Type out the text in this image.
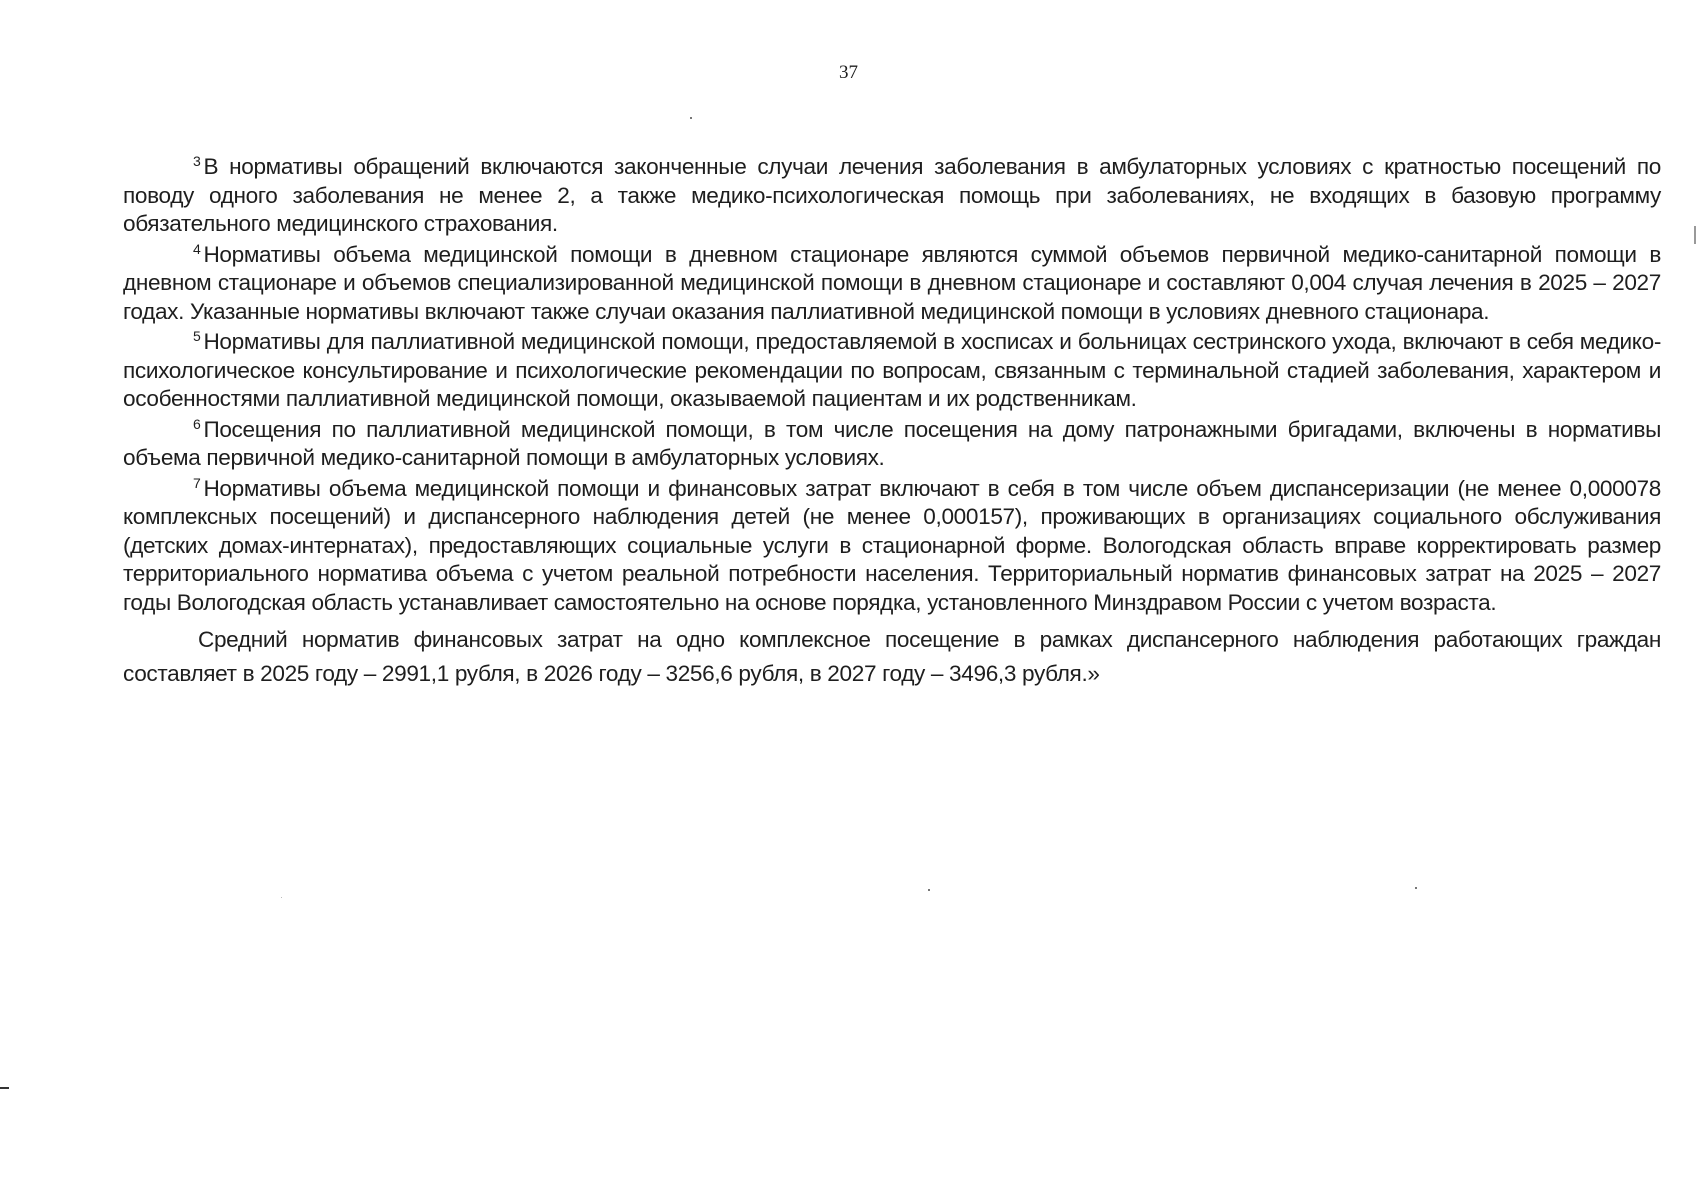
37

$^3$ В нормативы обращений включаются законченные случаи лечения заболевания в амбулаторных условиях с кратностью посещений по поводу одного заболевания не менее 2, а также медико-психологическая помощь при заболеваниях, не входящих в базовую программу обязательного медицинского страхования.

$^4$ Нормативы объема медицинской помощи в дневном стационаре являются суммой объемов первичной медико-санитарной помощи в дневном стационаре и объемов специализированной медицинской помощи в дневном стационаре и составляют 0,004 случая лечения в 2025 – 2027 годах. Указанные нормативы включают также случаи оказания паллиативной медицинской помощи в условиях дневного стационара.

$^5$ Нормативы для паллиативной медицинской помощи, предоставляемой в хосписах и больницах сестринского ухода, включают в себя медико-психологическое консультирование и психологические рекомендации по вопросам, связанным с терминальной стадией заболевания, характером и особенностями паллиативной медицинской помощи, оказываемой пациентам и их родственникам.

$^6$ Посещения по паллиативной медицинской помощи, в том числе посещения на дому патронажными бригадами, включены в нормативы объема первичной медико-санитарной помощи в амбулаторных условиях.

$^7$ Нормативы объема медицинской помощи и финансовых затрат включают в себя в том числе объем диспансеризации (не менее 0,000078 комплексных посещений) и диспансерного наблюдения детей (не менее 0,000157), проживающих в организациях социального обслуживания (детских домах-интернатах), предоставляющих социальные услуги в стационарной форме. Вологодская область вправе корректировать размер территориального норматива объема с учетом реальной потребности населения. Территориальный норматив финансовых затрат на 2025 – 2027 годы Вологодская область устанавливает самостоятельно на основе порядка, установленного Минздравом России с учетом возраста.

Средний норматив финансовых затрат на одно комплексное посещение в рамках диспансерного наблюдения работающих граждан составляет в 2025 году – 2991,1 рубля, в 2026 году – 3256,6 рубля, в 2027 году – 3496,3 рубля.»
